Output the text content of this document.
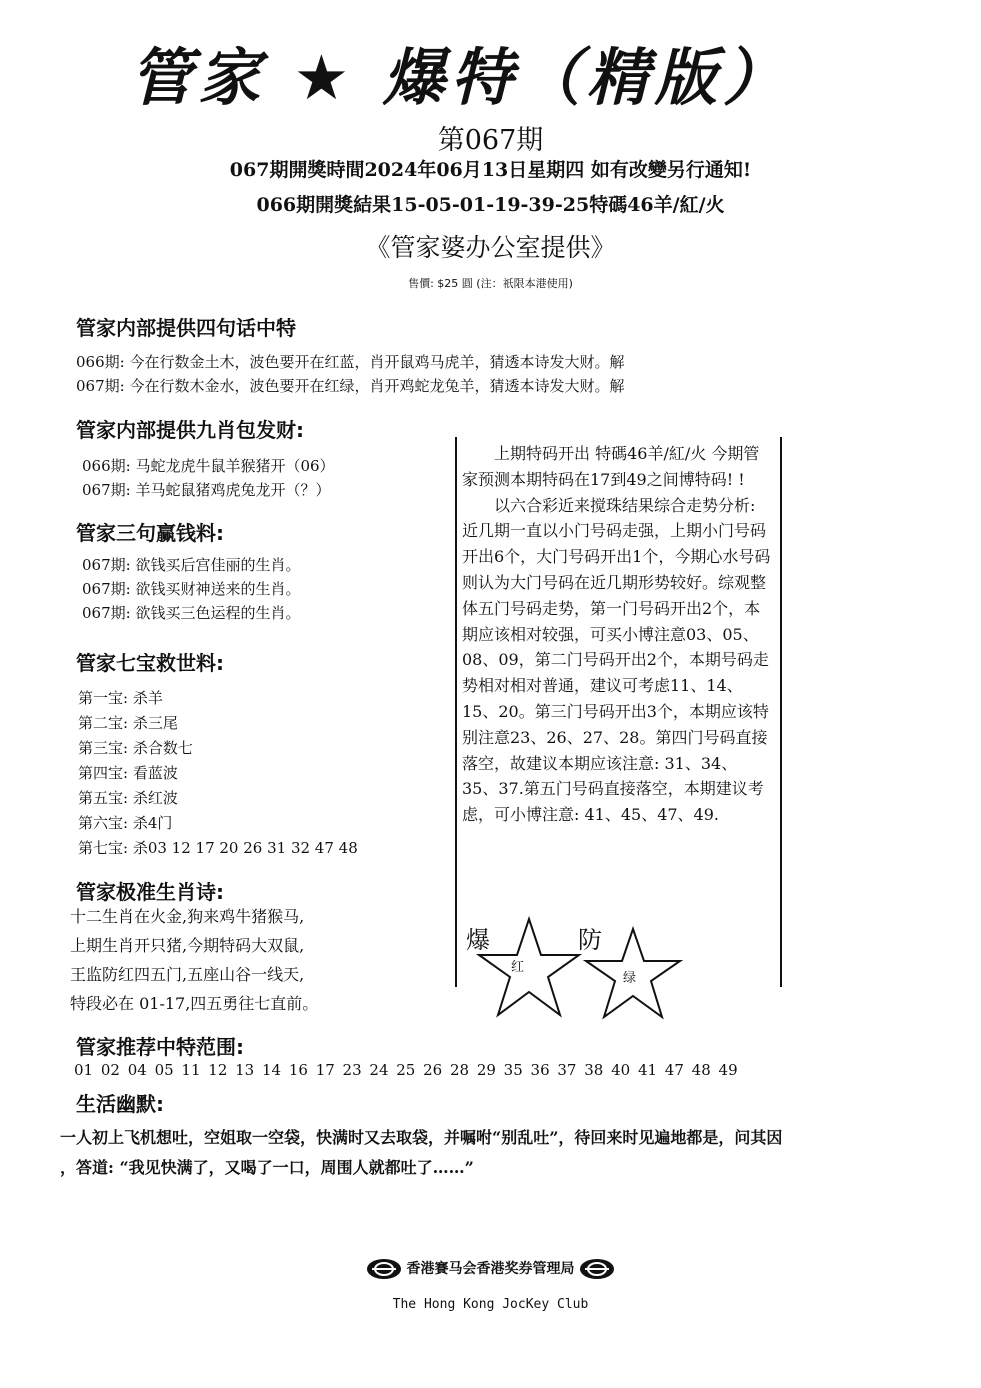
管家 ★ 爆特（精版）
第067期
067期開獎時間2024年06月13日星期四 如有改變另行通知!
066期開獎結果15-05-01-19-39-25特碼46羊/紅/火
《管家婆办公室提供》
售價: $25 圓 (注：祇限本港使用)
管家内部提供四句话中特
066期: 今在行数金土木，波色要开在红蓝，肖开鼠鸡马虎羊，猜透本诗发大财。解
067期: 今在行数木金水，波色要开在红绿，肖开鸡蛇龙兔羊，猜透本诗发大财。解
管家内部提供九肖包发财:
066期: 马蛇龙虎牛鼠羊猴猪开（06）
067期: 羊马蛇鼠猪鸡虎兔龙开（？）
管家三句赢钱料:
067期: 欲钱买后宫佳丽的生肖。
067期: 欲钱买财神送来的生肖。
067期: 欲钱买三色运程的生肖。
管家七宝救世料:
第一宝: 杀羊
第二宝: 杀三尾
第三宝: 杀合数七
第四宝: 看蓝波
第五宝: 杀红波
第六宝: 杀4门
第七宝: 杀03 12 17 20 26 31 32 47 48
管家极准生肖诗:
十二生肖在火金,狗来鸡牛猪猴马,
上期生肖开只猪,今期特码大双鼠,
王监防红四五门,五座山谷一线天,
特段必在 01-17,四五勇往七直前。

上期特码开出 特碼46羊/紅/火 今期管家预测本期特码在17到49之间博特码! !

以六合彩近来搅珠结果综合走势分析: 近几期一直以小门号码走强，上期小门号码开出6个，大门号码开出1个，今期心水号码则认为大门号码在近几期形势较好。综观整体五门号码走势，第一门号码开出2个，本期应该相对较强，可买小博注意03、05、08、09，第二门号码开出2个，本期号码走势相对相对普通，建议可考虑11、14、15、20。第三门号码开出3个，本期应该特别注意23、26、27、28。第四门号码直接落空，故建议本期应该注意: 31、34、35、37.第五门号码直接落空，本期建议考虑，可小博注意: 41、45、47、49.

爆
红
防
绿
管家推荐中特范围:
01 02 04 05 11 12 13 14 16 17 23 24 25 26 28 29 35 36 37 38 40 41 47 48 49
生活幽默:
一人初上飞机想吐，空姐取一空袋，快满时又去取袋，并嘱咐“别乱吐”，待回来时见遍地都是，问其因
，答道: “我见快满了，又喝了一口，周围人就都吐了……”
香港賽马会香港奖券管理局
The Hong Kong JocKey Club
